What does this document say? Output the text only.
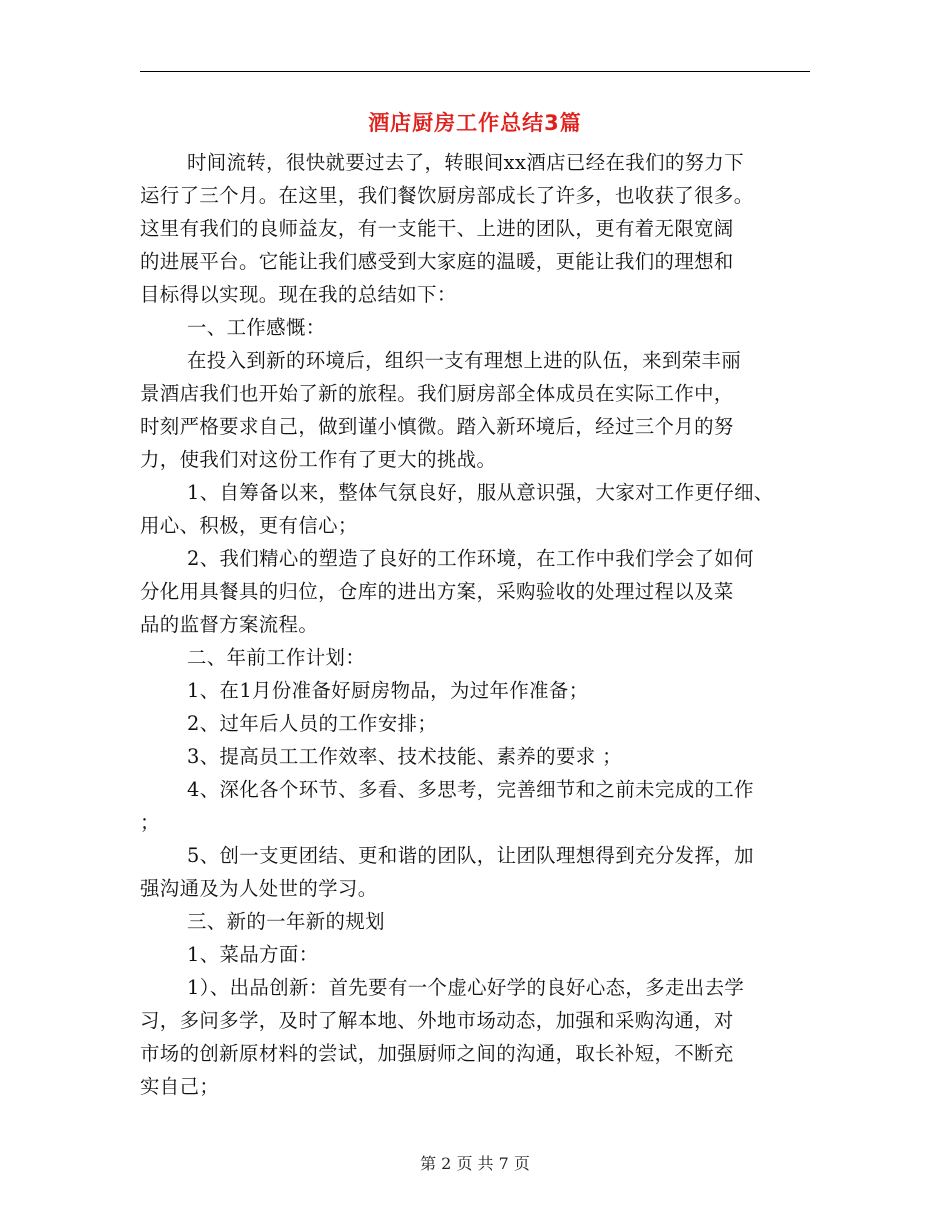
酒店厨房工作总结3篇
时间流转，很快就要过去了，转眼间xx酒店已经在我们的努力下
运行了三个月。在这里，我们餐饮厨房部成长了许多，也收获了很多。
这里有我们的良师益友，有一支能干、上进的团队，更有着无限宽阔
的进展平台。它能让我们感受到大家庭的温暖，更能让我们的理想和
目标得以实现。现在我的总结如下：
一、工作感慨：
在投入到新的环境后，组织一支有理想上进的队伍，来到荣丰丽
景酒店我们也开始了新的旅程。我们厨房部全体成员在实际工作中，
时刻严格要求自己，做到谨小慎微。踏入新环境后，经过三个月的努
力，使我们对这份工作有了更大的挑战。
1、自筹备以来，整体气氛良好，服从意识强，大家对工作更仔细、
用心、积极，更有信心；
2、我们精心的塑造了良好的工作环境，在工作中我们学会了如何
分化用具餐具的归位，仓库的进出方案，采购验收的处理过程以及菜
品的监督方案流程。
二、年前工作计划：
1、在1月份准备好厨房物品，为过年作准备；
2、过年后人员的工作安排；
3、提高员工工作效率、技术技能、素养的要求 ；
4、深化各个环节、多看、多思考，完善细节和之前未完成的工作
；
5、创一支更团结、更和谐的团队，让团队理想得到充分发挥，加
强沟通及为人处世的学习。
三、新的一年新的规划
1、菜品方面：
1）、出品创新：首先要有一个虚心好学的良好心态，多走出去学
习，多问多学，及时了解本地、外地市场动态，加强和采购沟通，对
市场的创新原材料的尝试，加强厨师之间的沟通，取长补短，不断充
实自己；
第 2 页 共 7 页
